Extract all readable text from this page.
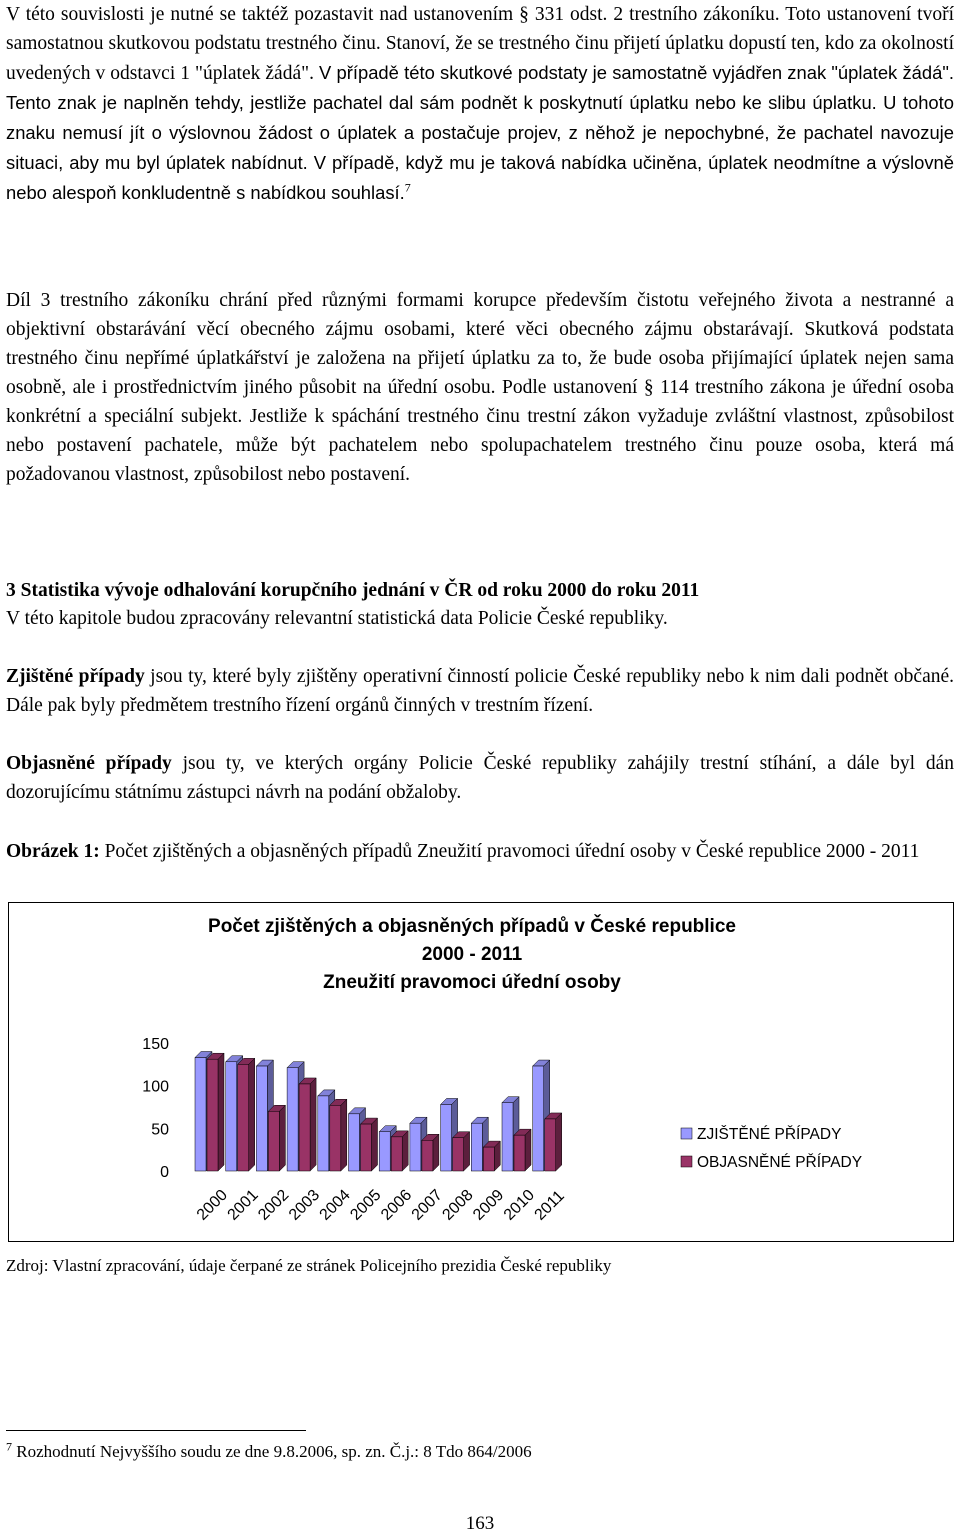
V této souvislosti je nutné se taktéž pozastavit nad ustanovením § 331 odst. 2 trestního zákoníku. Toto ustanovení tvoří samostatnou skutkovou podstatu trestného činu. Stanoví, že se trestného činu přijetí úplatku dopustí ten, kdo za okolností uvedených v odstavci 1 "úplatek žádá". V případě této skutkové podstaty je samostatně vyjádřen znak "úplatek žádá". Tento znak je naplněn tehdy, jestliže pachatel dal sám podnět k poskytnutí úplatku nebo ke slibu úplatku. U tohoto znaku nemusí jít o výslovnou žádost o úplatek a postačuje projev, z něhož je nepochybné, že pachatel navozuje situaci, aby mu byl úplatek nabídnut. V případě, když mu je taková nabídka učiněna, úplatek neodmítne a výslovně nebo alespoň konkludentně s nabídkou souhlasí.$^7$

Díl 3 trestního zákoníku chrání před různými formami korupce především čistotu veřejného života a nestranné a objektivní obstarávání věcí obecného zájmu osobami, které věci obecného zájmu obstarávají. Skutková podstata trestného činu nepřímé úplatkářství je založena na přijetí úplatku za to, že bude osoba přijímající úplatek nejen sama osobně, ale i prostřednictvím jiného působit na úřední osobu. Podle ustanovení § 114 trestního zákona je úřední osoba konkrétní a speciální subjekt. Jestliže k spáchání trestného činu trestní zákon vyžaduje zvláštní vlastnost, způsobilost nebo postavení pachatele, může být pachatelem nebo spolupachatelem trestného činu pouze osoba, která má požadovanou vlastnost, způsobilost nebo postavení.

3 Statistika vývoje odhalování korupčního jednání v ČR od roku 2000 do roku 2011
V této kapitole budou zpracovány relevantní statistická data Policie České republiky.

Zjištěné případy jsou ty, které byly zjištěny operativní činností policie České republiky nebo k nim dali podnět občané. Dále pak byly předmětem trestního řízení orgánů činných v trestním řízení.

Objasněné případy jsou ty, ve kterých orgány Policie České republiky zahájily trestní stíhání, a dále byl dán dozorujícímu státnímu zástupci návrh na podání obžaloby.

Obrázek 1: Počet zjištěných a objasněných případů Zneužití pravomoci úřední osoby v České republice 2000 - 2011

Počet zjištěných a objasněných případů v České republice
2000 - 2011
Zneužití pravomoci úřední osoby
0
50
100
150
2000
2001
2002
2003
2004
2005
2006
2007
2008
2009
2010
2011
ZJIŠTĚNÉ PŘÍPADY
OBJASNĚNÉ PŘÍPADY
Zdroj: Vlastní zpracování, údaje čerpané ze stránek Policejního prezidia České republiky
$^7$ Rozhodnutí Nejvyššího soudu ze dne 9.8.2006, sp. zn. Č.j.: 8 Tdo 864/2006
163
